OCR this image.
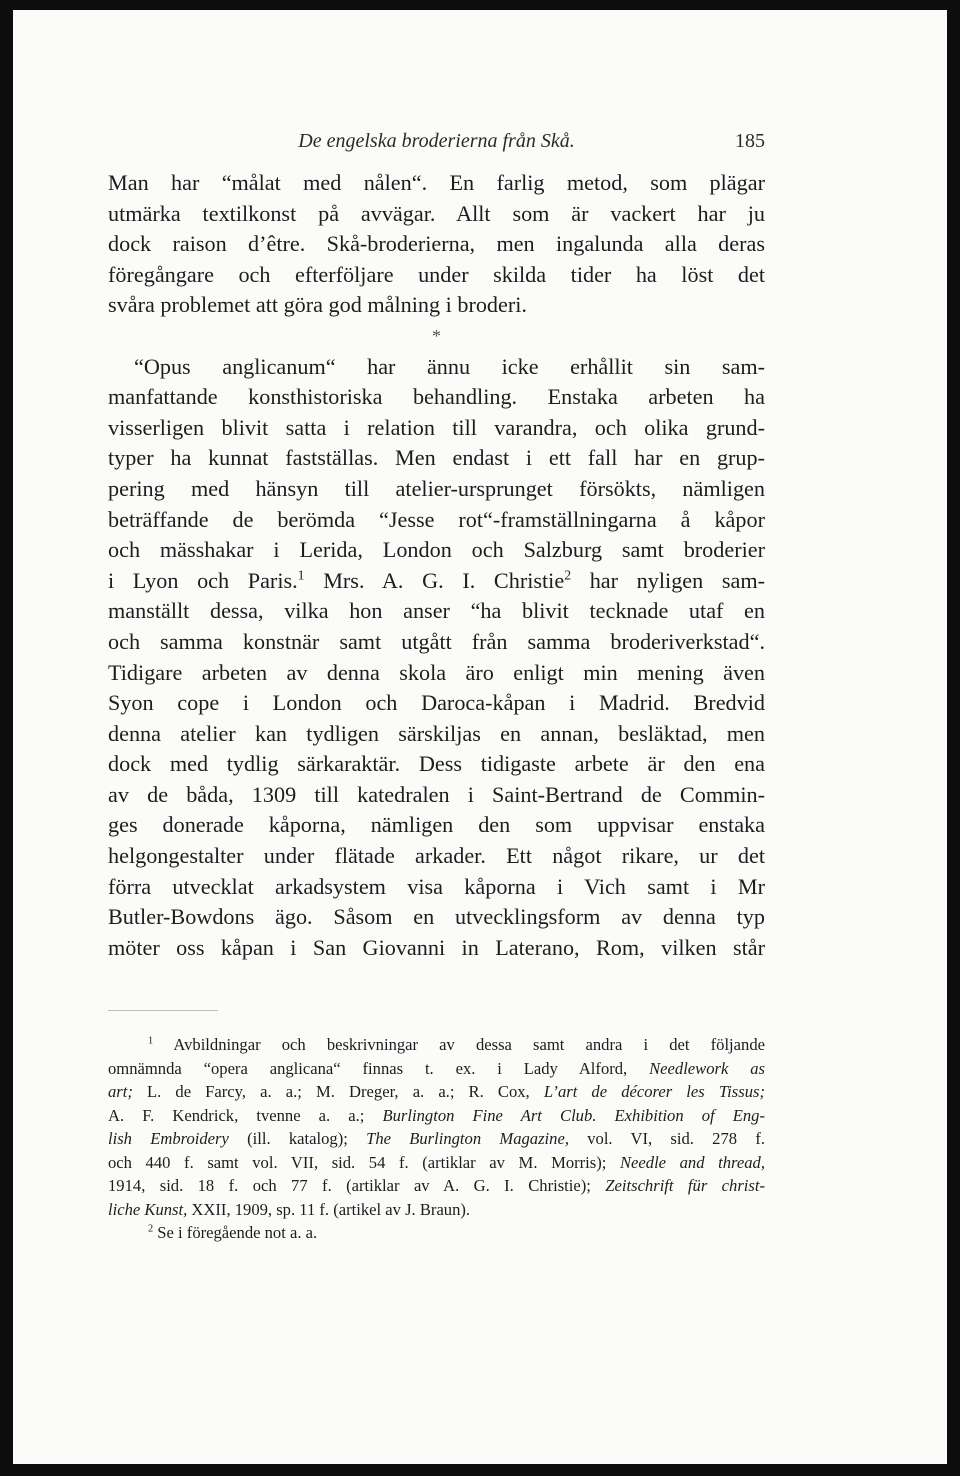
De engelska broderierna från Skå.	185
Man har “målat med nålen“. En farlig metod, som plägar
utmärka textilkonst på avvägar. Allt som är vackert har ju
dock raison d’être. Skå-broderierna, men ingalunda alla deras
föregångare och efterföljare under skilda tider ha löst det
svåra problemet att göra god målning i broderi.
*
“Opus anglicanum“ har ännu icke erhållit sin sam-
manfattande konsthistoriska behandling. Enstaka arbeten ha
visserligen blivit satta i relation till varandra, och olika grund-
typer ha kunnat fastställas. Men endast i ett fall har en grup-
pering med hänsyn till atelier-ursprunget försökts, nämligen
beträffande de berömda “Jesse rot“-framställningarna å kåpor
och mässhakar i Lerida, London och Salzburg samt broderier
i Lyon och Paris.$^1$ Mrs. A. G. I. Christie$^2$ har nyligen sam-
manställt dessa, vilka hon anser “ha blivit tecknade utaf en
och samma konstnär samt utgått från samma broderiverkstad“.
Tidigare arbeten av denna skola äro enligt min mening även
Syon cope i London och Daroca-kåpan i Madrid. Bredvid
denna atelier kan tydligen särskiljas en annan, besläktad, men
dock med tydlig särkaraktär. Dess tidigaste arbete är den ena
av de båda, 1309 till katedralen i Saint-Bertrand de Commin-
ges donerade kåporna, nämligen den som uppvisar enstaka
helgongestalter under flätade arkader. Ett något rikare, ur det
förra utvecklat arkadsystem visa kåporna i Vich samt i Mr
Butler-Bowdons ägo. Såsom en utvecklingsform av denna typ
möter oss kåpan i San Giovanni in Laterano, Rom, vilken står
$^1$ Avbildningar och beskrivningar av dessa samt andra i det följande
omnämnda “opera anglicana“ finnas t. ex. i Lady Alford, Needlework as
art; L. de Farcy, a. a.; M. Dreger, a. a.; R. Cox, L’art de décorer les Tissus;
A. F. Kendrick, tvenne a. a.; Burlington Fine Art Club. Exhibition of Eng-
lish Embroidery (ill. katalog); The Burlington Magazine, vol. VI, sid. 278 f.
och 440 f. samt vol. VII, sid. 54 f. (artiklar av M. Morris); Needle and thread,
1914, sid. 18 f. och 77 f. (artiklar av A. G. I. Christie); Zeitschrift für christ-
liche Kunst, XXII, 1909, sp. 11 f. (artikel av J. Braun).
$^2$ Se i föregående not a. a.
